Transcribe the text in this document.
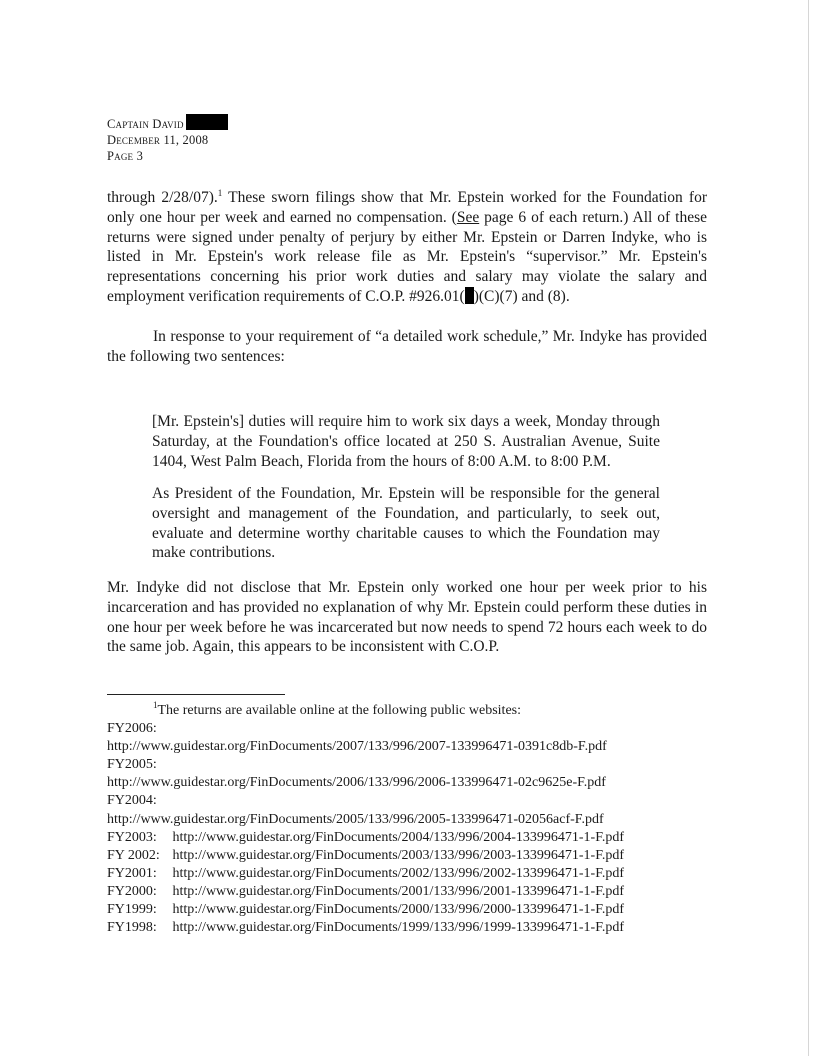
Captain David
December 11, 2008
Page 3

through 2/28/07).$^1$ These sworn filings show that Mr. Epstein worked for the Foundation for only one hour per week and earned no compensation. (See page 6 of each return.) All of these returns were signed under penalty of perjury by either Mr. Epstein or Darren Indyke, who is listed in Mr. Epstein's work release file as Mr. Epstein's “supervisor.” Mr. Epstein's representations concerning his prior work duties and salary may violate the salary and employment verification requirements of C.O.P. #926.01( )(C)(7) and (8).

In response to your requirement of “a detailed work schedule,” Mr. Indyke has provided the following two sentences:

[Mr. Epstein's] duties will require him to work six days a week, Monday through Saturday, at the Foundation's office located at 250 S. Australian Avenue, Suite 1404, West Palm Beach, Florida from the hours of 8:00 A.M. to 8:00 P.M.

As President of the Foundation, Mr. Epstein will be responsible for the general oversight and management of the Foundation, and particularly, to seek out, evaluate and determine worthy charitable causes to which the Foundation may make contributions.

Mr. Indyke did not disclose that Mr. Epstein only worked one hour per week prior to his incarceration and has provided no explanation of why Mr. Epstein could perform these duties in one hour per week before he was incarcerated but now needs to spend 72 hours each week to do the same job. Again, this appears to be inconsistent with C.O.P.

$^1$The returns are available online at the following public websites:
FY2006:
http://www.guidestar.org/FinDocuments/2007/133/996/2007-133996471-0391c8db-F.pdf
FY2005:
http://www.guidestar.org/FinDocuments/2006/133/996/2006-133996471-02c9625e-F.pdf
FY2004:
http://www.guidestar.org/FinDocuments/2005/133/996/2005-133996471-02056acf-F.pdf
FY2003: http://www.guidestar.org/FinDocuments/2004/133/996/2004-133996471-1-F.pdf
FY 2002: http://www.guidestar.org/FinDocuments/2003/133/996/2003-133996471-1-F.pdf
FY2001: http://www.guidestar.org/FinDocuments/2002/133/996/2002-133996471-1-F.pdf
FY2000: http://www.guidestar.org/FinDocuments/2001/133/996/2001-133996471-1-F.pdf
FY1999: http://www.guidestar.org/FinDocuments/2000/133/996/2000-133996471-1-F.pdf
FY1998: http://www.guidestar.org/FinDocuments/1999/133/996/1999-133996471-1-F.pdf
